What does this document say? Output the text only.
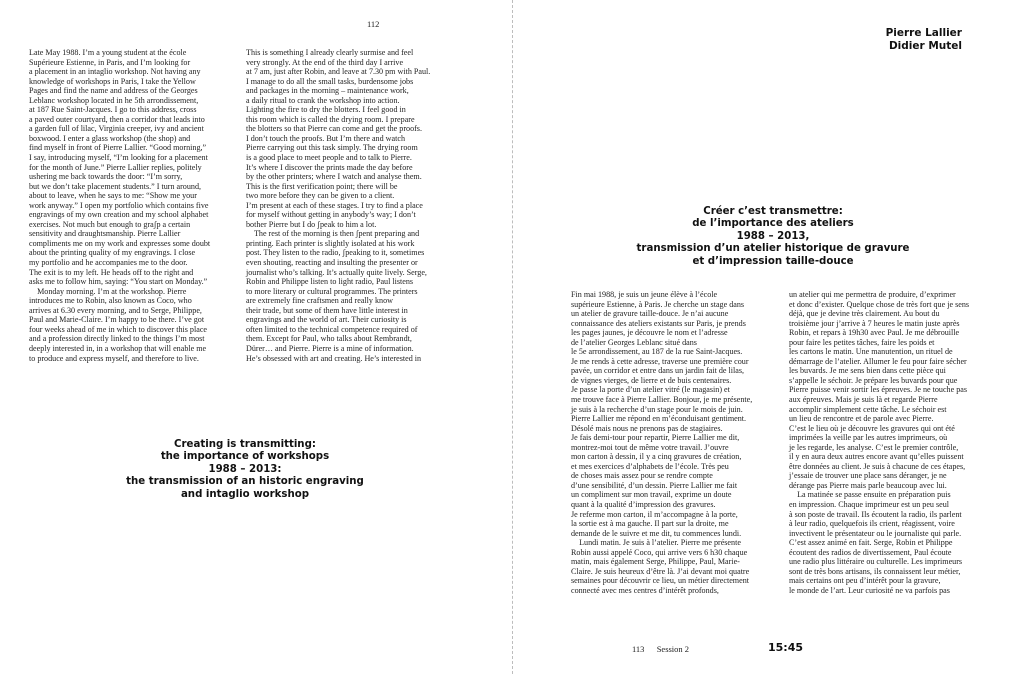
112

Late May 1988. I’m a young student at the école

Supérieure Estienne, in Paris, and I’m looking for

a placement in an intaglio workshop. Not having any

knowledge of workshops in Paris, I take the Yellow

Pages and find the name and address of the Georges

Leblanc workshop located in he 5th arrondissement,

at 187 Rue Saint-Jacques. I go to this address, cross

a paved outer courtyard, then a corridor that leads into

a garden full of lilac, Virginia creeper, ivy and ancient

boxwood. I enter a glass workshop (the shop) and

find myself in front of Pierre Lallier. “Good morning,”

I say, introducing myself, “I’m looking for a placement

for the month of June.” Pierre Lallier replies, politely

ushering me back towards the door: “I’m sorry,

but we don’t take placement students.” I turn around,

about to leave, when he says to me: “Show me your

work anyway.” I open my portfolio which contains five

engravings of my own creation and my school alphabet

exercises. Not much but enough to graʃp a certain

sensitivity and draughtsmanship. Pierre Lallier

compliments me on my work and expresses some doubt

about the printing quality of my engravings. I close

my portfolio and he accompanies me to the door.

The exit is to my left. He heads off to the right and

asks me to follow him, saying: “You start on Monday.”

Monday morning. I’m at the workshop. Pierre

introduces me to Robin, also known as Coco, who

arrives at 6.30 every morning, and to Serge, Philippe,

Paul and Marie-Claire. I’m happy to be there. I’ve got

four weeks ahead of me in which to discover this place

and a profession directly linked to the things I’m most

deeply interested in, in a workshop that will enable me

to produce and express myself, and therefore to live.

This is something I already clearly surmise and feel

very strongly. At the end of the third day I arrive

at 7 am, just after Robin, and leave at 7.30 pm with Paul.

I manage to do all the small tasks, burdensome jobs

and packages in the morning – maintenance work,

a daily ritual to crank the workshop into action.

Lighting the fire to dry the blotters. I feel good in

this room which is called the drying room. I prepare

the blotters so that Pierre can come and get the proofs.

I don’t touch the proofs. But I’m there and watch

Pierre carrying out this task simply. The drying room

is a good place to meet people and to talk to Pierre.

It’s where I discover the prints made the day before

by the other printers; where I watch and analyse them.

This is the first verification point; there will be

two more before they can be given to a client.

I’m present at each of these stages. I try to find a place

for myself without getting in anybody’s way; I don’t

bother Pierre but I do ʃpeak to him a lot.

The rest of the morning is then ʃpent preparing and

printing. Each printer is slightly isolated at his work

post. They listen to the radio, ʃpeaking to it, sometimes

even shouting, reacting and insulting the presenter or

journalist who’s talking. It’s actually quite lively. Serge,

Robin and Philippe listen to light radio, Paul listens

to more literary or cultural programmes. The printers

are extremely fine craftsmen and really know

their trade, but some of them have little interest in

engravings and the world of art. Their curiosity is

often limited to the technical competence required of

them. Except for Paul, who talks about Rembrandt,

Dürer… and Pierre. Pierre is a mine of information.

He’s obsessed with art and creating. He’s interested in

Creating is transmitting:
the importance of workshops
1988 – 2013:
the transmission of an historic engraving
and intaglio workshop
Pierre Lallier
Didier Mutel
Créer c’est transmettre:
de l’importance des ateliers
1988 – 2013,
transmission d’un atelier historique de gravure
et d’impression taille-douce

Fin mai 1988, je suis un jeune élève à l’école

supérieure Estienne, à Paris. Je cherche un stage dans

un atelier de gravure taille-douce. Je n’ai aucune

connaissance des ateliers existants sur Paris, je prends

les pages jaunes, je découvre le nom et l’adresse

de l’atelier Georges Leblanc situé dans

le 5e arrondissement, au 187 de la rue Saint-Jacques.

Je me rends à cette adresse, traverse une première cour

pavée, un corridor et entre dans un jardin fait de lilas,

de vignes vierges, de lierre et de buis centenaires.

Je passe la porte d’un atelier vitré (le magasin) et

me trouve face à Pierre Lallier. Bonjour, je me présente,

je suis à la recherche d’un stage pour le mois de juin.

Pierre Lallier me répond en m’éconduisant gentiment.

Désolé mais nous ne prenons pas de stagiaires.

Je fais demi-tour pour repartir, Pierre Lallier me dit,

montrez-moi tout de même votre travail. J’ouvre

mon carton à dessin, il y a cinq gravures de création,

et mes exercices d’alphabets de l’école. Très peu

de choses mais assez pour se rendre compte

d’une sensibilité, d’un dessin. Pierre Lallier me fait

un compliment sur mon travail, exprime un doute

quant à la qualité d’impression des gravures.

Je referme mon carton, il m’accompagne à la porte,

la sortie est à ma gauche. Il part sur la droite, me

demande de le suivre et me dit, tu commences lundi.

Lundi matin. Je suis à l’atelier. Pierre me présente

Robin aussi appelé Coco, qui arrive vers 6 h30 chaque

matin, mais également Serge, Philippe, Paul, Marie-

Claire. Je suis heureux d’être là. J’ai devant moi quatre

semaines pour découvrir ce lieu, un métier directement

connecté avec mes centres d’intérêt profonds,

un atelier qui me permettra de produire, d’exprimer

et donc d’exister. Quelque chose de très fort que je sens

déjà, que je devine très clairement. Au bout du

troisième jour j’arrive à 7 heures le matin juste après

Robin, et repars à 19h30 avec Paul. Je me débrouille

pour faire les petites tâches, faire les poids et

les cartons le matin. Une manutention, un rituel de

démarrage de l’atelier. Allumer le feu pour faire sécher

les buvards. Je me sens bien dans cette pièce qui

s’appelle le séchoir. Je prépare les buvards pour que

Pierre puisse venir sortir les épreuves. Je ne touche pas

aux épreuves. Mais je suis là et regarde Pierre

accomplir simplement cette tâche. Le séchoir est

un lieu de rencontre et de parole avec Pierre.

C’est le lieu où je découvre les gravures qui ont été

imprimées la veille par les autres imprimeurs, où

je les regarde, les analyse. C’est le premier contrôle,

il y en aura deux autres encore avant qu’elles puissent

être données au client. Je suis à chacune de ces étapes,

j’essaie de trouver une place sans déranger, je ne

dérange pas Pierre mais parle beaucoup avec lui.

La matinée se passe ensuite en préparation puis

en impression. Chaque imprimeur est un peu seul

à son poste de travail. Ils écoutent la radio, ils parlent

à leur radio, quelquefois ils crient, réagissent, voire

invectivent le présentateur ou le journaliste qui parle.

C’est assez animé en fait. Serge, Robin et Philippe

écoutent des radios de divertissement, Paul écoute

une radio plus littéraire ou culturelle. Les imprimeurs

sont de très bons artisans, ils connaissent leur métier,

mais certains ont peu d’intérêt pour la gravure,

le monde de l’art. Leur curiosité ne va parfois pas

113 Session 2	15:45
